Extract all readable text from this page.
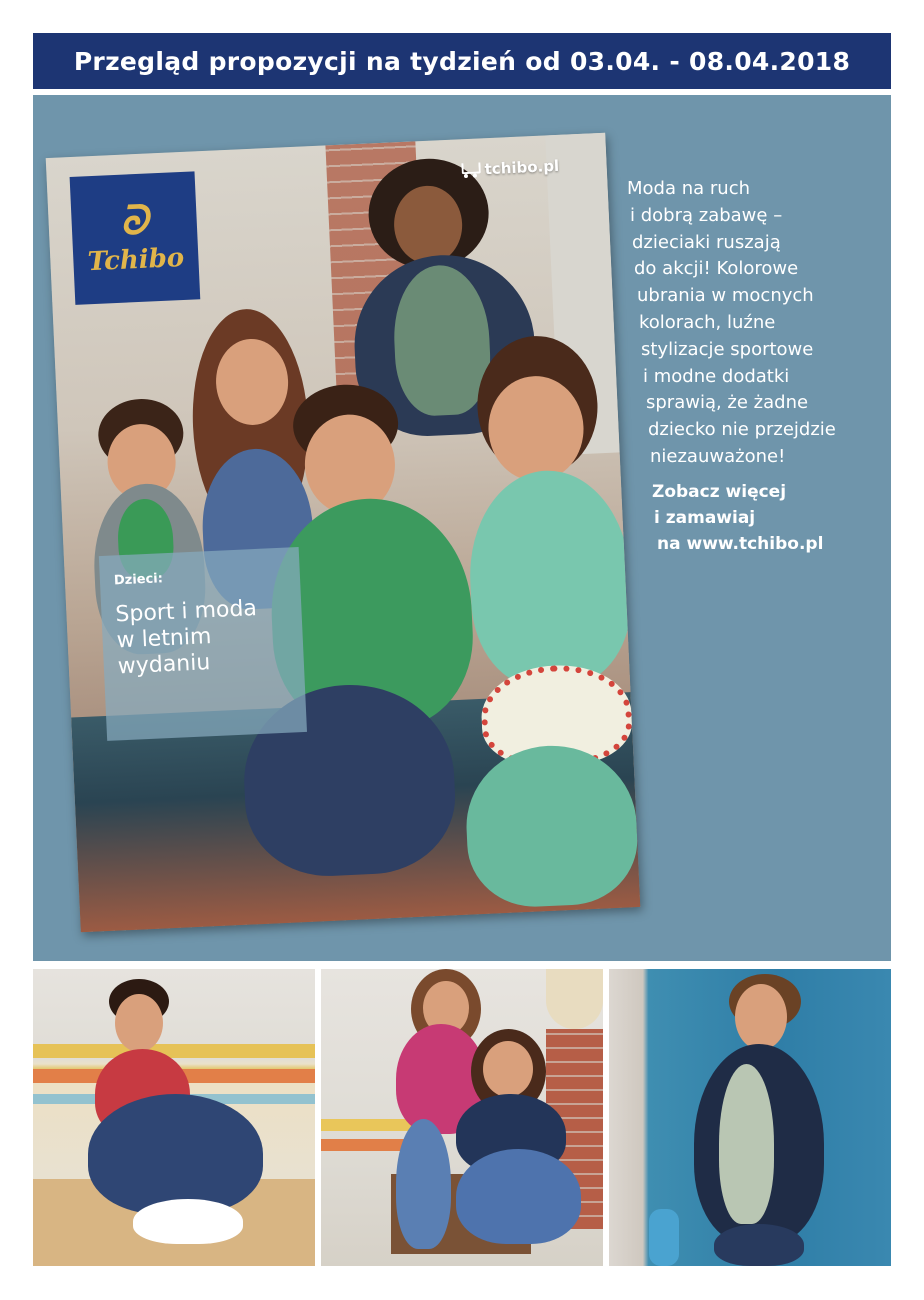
Przegląd propozycji na tydzień od 03.04. - 08.04.2018
ᘐ
Tchibo
tchibo.pl
Dzieci:
Sport i moda
w letnim
wydaniu
Moda na ruch
i dobrą zabawę –
dzieciaki ruszają
do akcji! Kolorowe
ubrania w mocnych
kolorach, luźne
stylizacje sportowe
i modne dodatki
sprawią, że żadne
dziecko nie przejdzie
niezauważone!
Zobacz więcej
i zamawiaj
na www.tchibo.pl
